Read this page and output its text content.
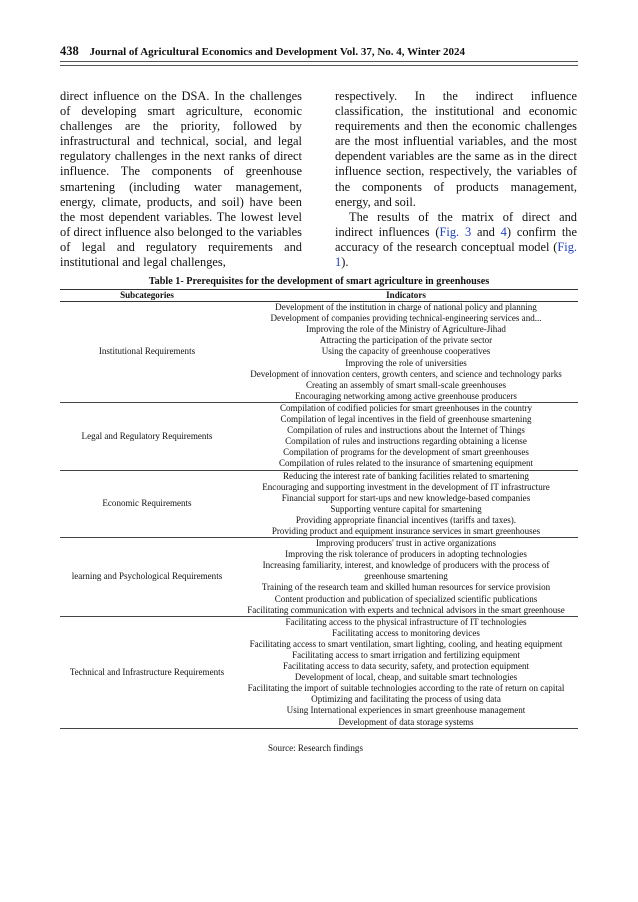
438 Journal of Agricultural Economics and Development Vol. 37, No. 4, Winter 2024

direct influence on the DSA. In the challenges of developing smart agriculture, economic challenges are the priority, followed by infrastructural and technical, social, and legal regulatory challenges in the next ranks of direct influence. The components of greenhouse smartening (including water management, energy, climate, products, and soil) have been the most dependent variables. The lowest level of direct influence also belonged to the variables of legal and regulatory requirements and institutional and legal challenges,

respectively. In the indirect influence classification, the institutional and economic requirements and then the economic challenges are the most influential variables, and the most dependent variables are the same as in the direct influence section, respectively, the variables of the components of products management, energy, and soil.

The results of the matrix of direct and indirect influences (Fig. 3 and 4) confirm the accuracy of the research conceptual model (Fig. 1).

Table 1- Prerequisites for the development of smart agriculture in greenhouses
Subcategories	Indicators
Institutional Requirements	Development of the institution in charge of national policy and planning
	Development of companies providing technical-engineering services and...
	Improving the role of the Ministry of Agriculture-Jihad
	Attracting the participation of the private sector
	Using the capacity of greenhouse cooperatives
	Improving the role of universities
	Development of innovation centers, growth centers, and science and technology parks
	Creating an assembly of smart small-scale greenhouses
	Encouraging networking among active greenhouse producers
Legal and Regulatory Requirements	Compilation of codified policies for smart greenhouses in the country
	Compilation of legal incentives in the field of greenhouse smartening
	Compilation of rules and instructions about the Internet of Things
	Compilation of rules and instructions regarding obtaining a license
	Compilation of programs for the development of smart greenhouses
	Compilation of rules related to the insurance of smartening equipment
Economic Requirements	Reducing the interest rate of banking facilities related to smartening
	Encouraging and supporting investment in the development of IT infrastructure
	Financial support for start-ups and new knowledge-based companies
	Supporting venture capital for smartening
	Providing appropriate financial incentives (tariffs and taxes).
	Providing product and equipment insurance services in smart greenhouses
learning and Psychological Requirements	Improving producers' trust in active organizations
	Improving the risk tolerance of producers in adopting technologies
	Increasing familiarity, interest, and knowledge of producers with the process of greenhouse smartening
	Training of the research team and skilled human resources for service provision
	Content production and publication of specialized scientific publications
	Facilitating communication with experts and technical advisors in the smart greenhouse
Technical and Infrastructure Requirements	Facilitating access to the physical infrastructure of IT technologies
	Facilitating access to monitoring devices
	Facilitating access to smart ventilation, smart lighting, cooling, and heating equipment
	Facilitating access to smart irrigation and fertilizing equipment
	Facilitating access to data security, safety, and protection equipment
	Development of local, cheap, and suitable smart technologies
	Facilitating the import of suitable technologies according to the rate of return on capital
	Optimizing and facilitating the process of using data
	Using International experiences in smart greenhouse management
	Development of data storage systems
Source: Research findings
